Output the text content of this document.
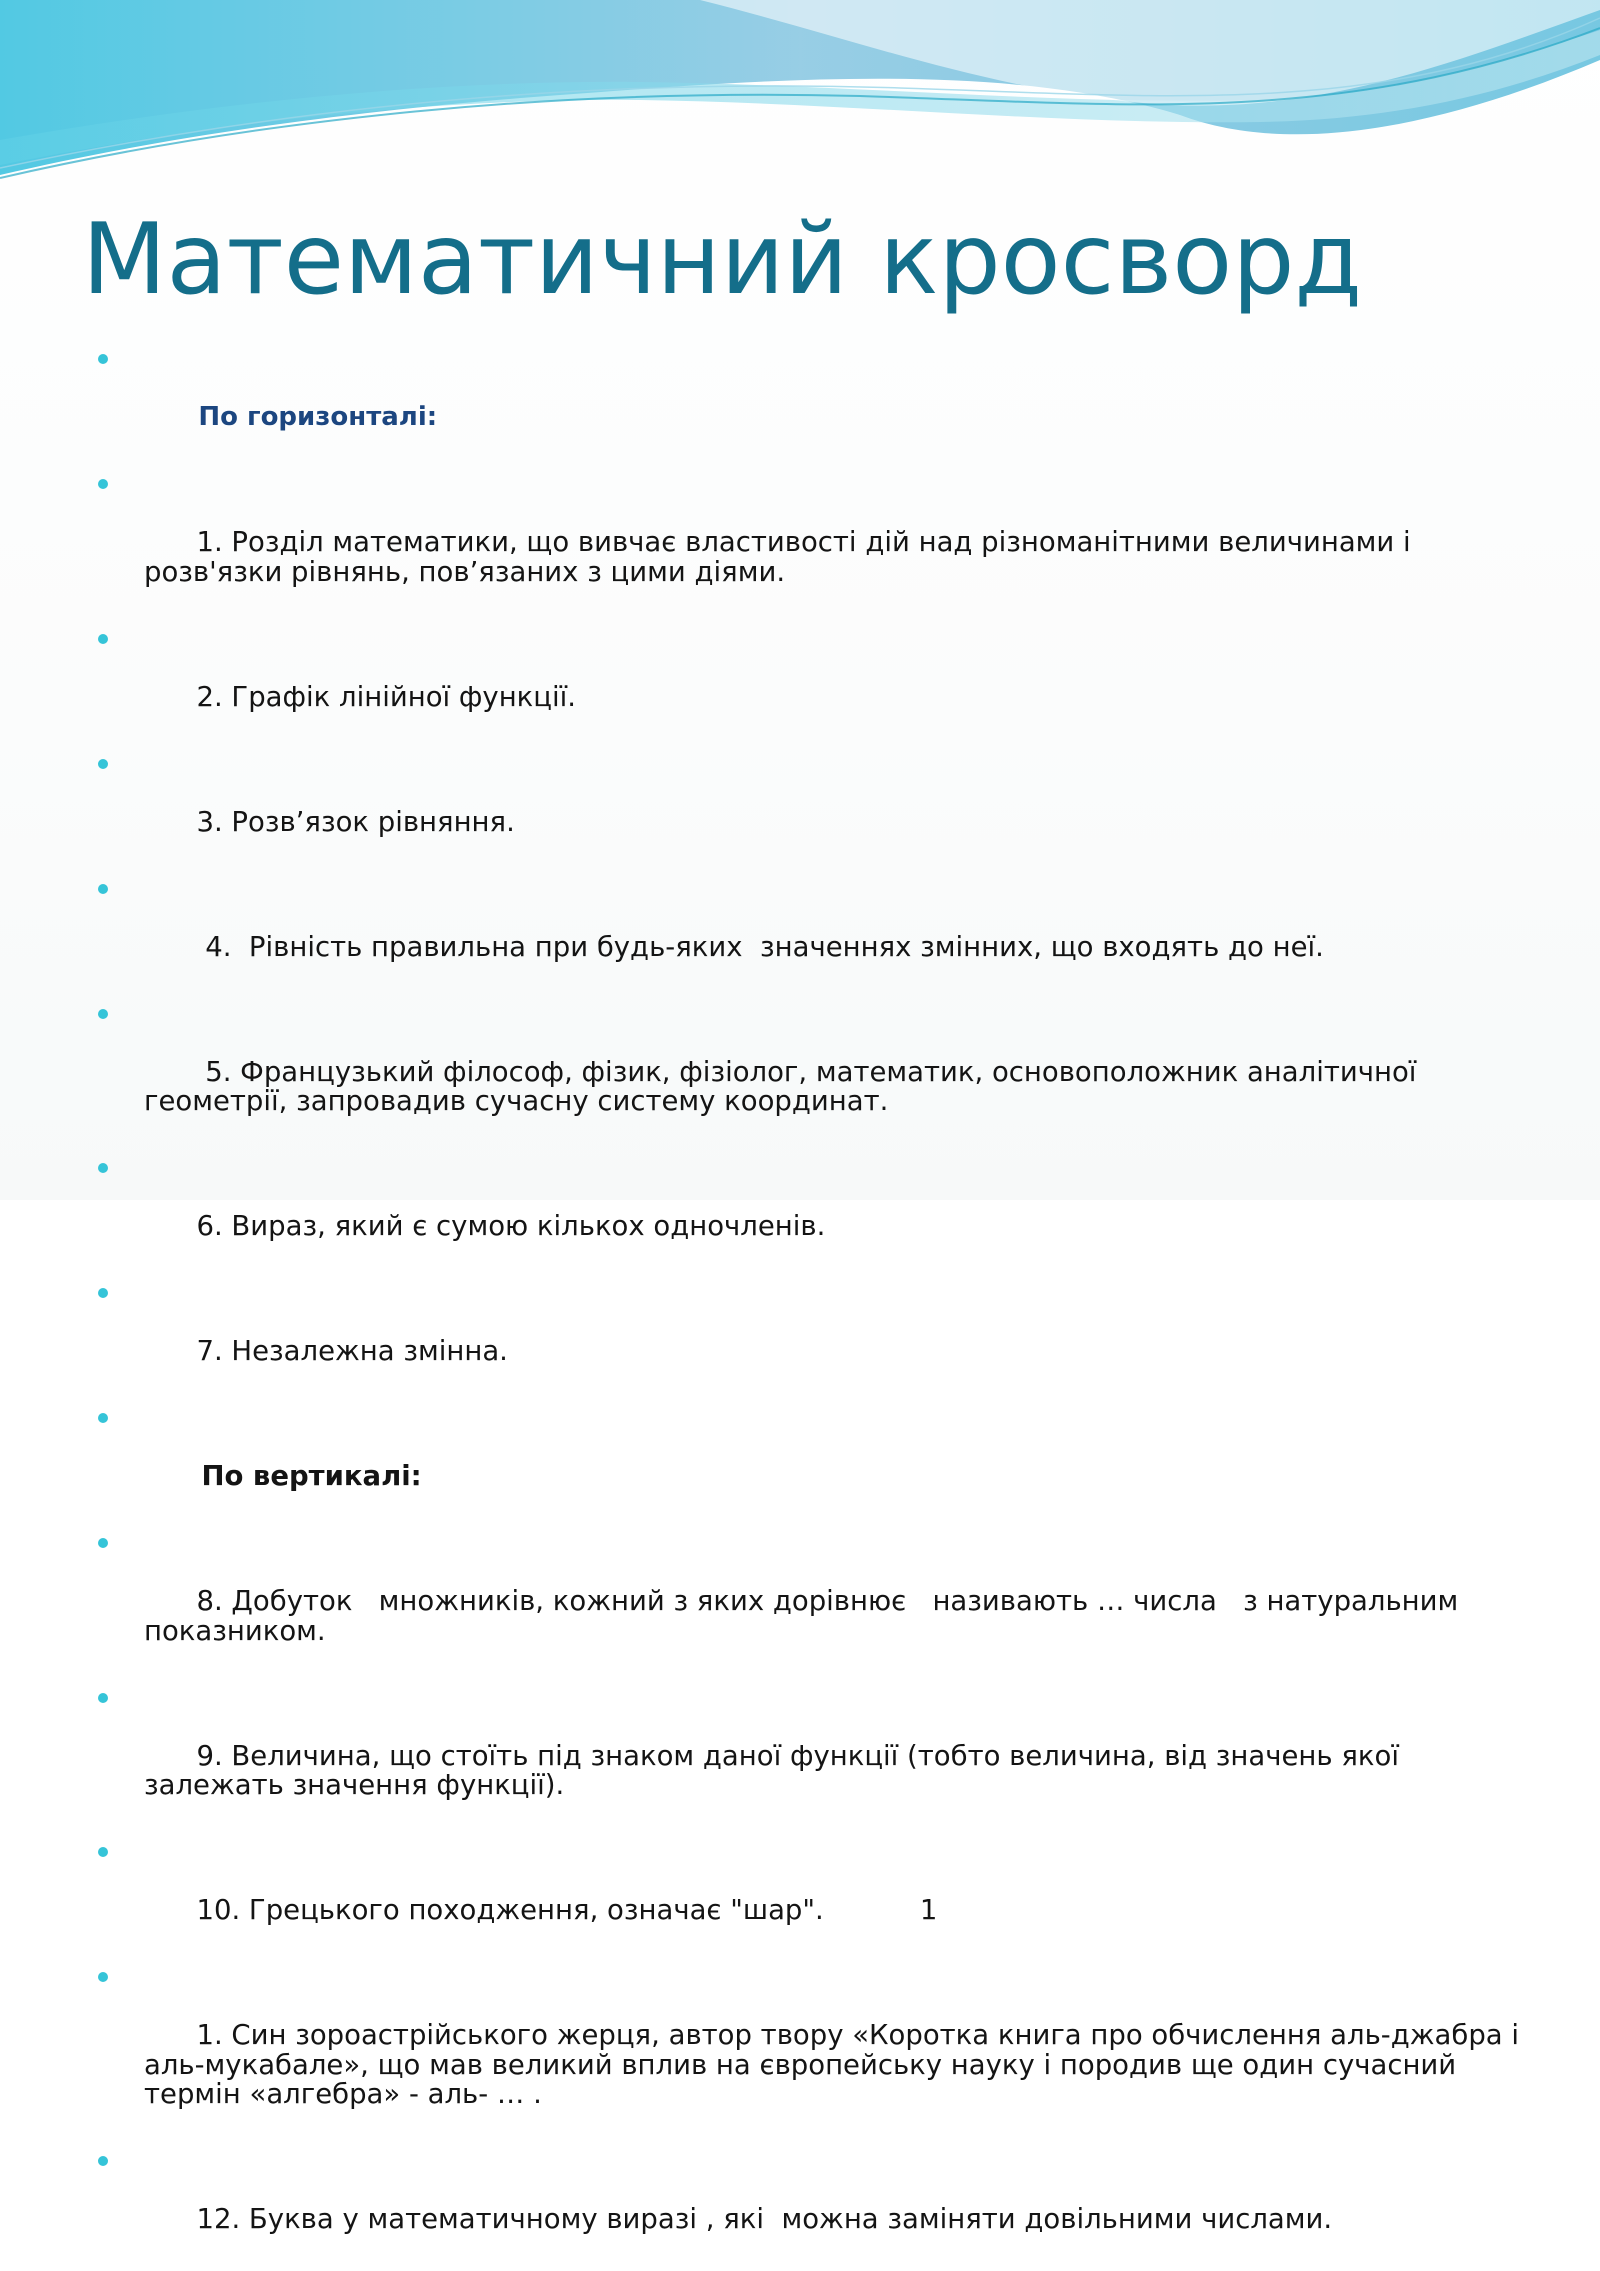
Математичний кросворд

По горизонталі:

1. Розділ математики, що вивчає властивості дій над різноманітними величинами і розв'язки рівнянь, пов’язаних з цими діями.

2. Графік лінійної функції.

3. Розв’язок рівняння.

4.  Рівність правильна при будь-яких  значеннях змінних, що входять до неї.

5. Французький філософ, фізик, фізіолог, математик, основоположник аналітичної геометрії, запровадив сучасну систему координат.

6. Вираз, який є сумою кількох одночленів.

7. Незалежна змінна.

По вертикалі:

8. Добуток   множників, кожний з яких дорівнює   називають … числа   з натуральним показником.

9. Величина, що стоїть під знаком даної функції (тобто величина, від значень якої залежать значення функції).

10. Грецького походження, означає "шар".           1

1. Син зороастрійського жерця, автор твору «Коротка книга про обчислення аль-джабра і аль-мукабале», що мав великий вплив на європейську науку і породив ще один сучасний термін «алгебра» - аль- … .

12. Буква у математичному виразі , які  можна заміняти довільними числами.
